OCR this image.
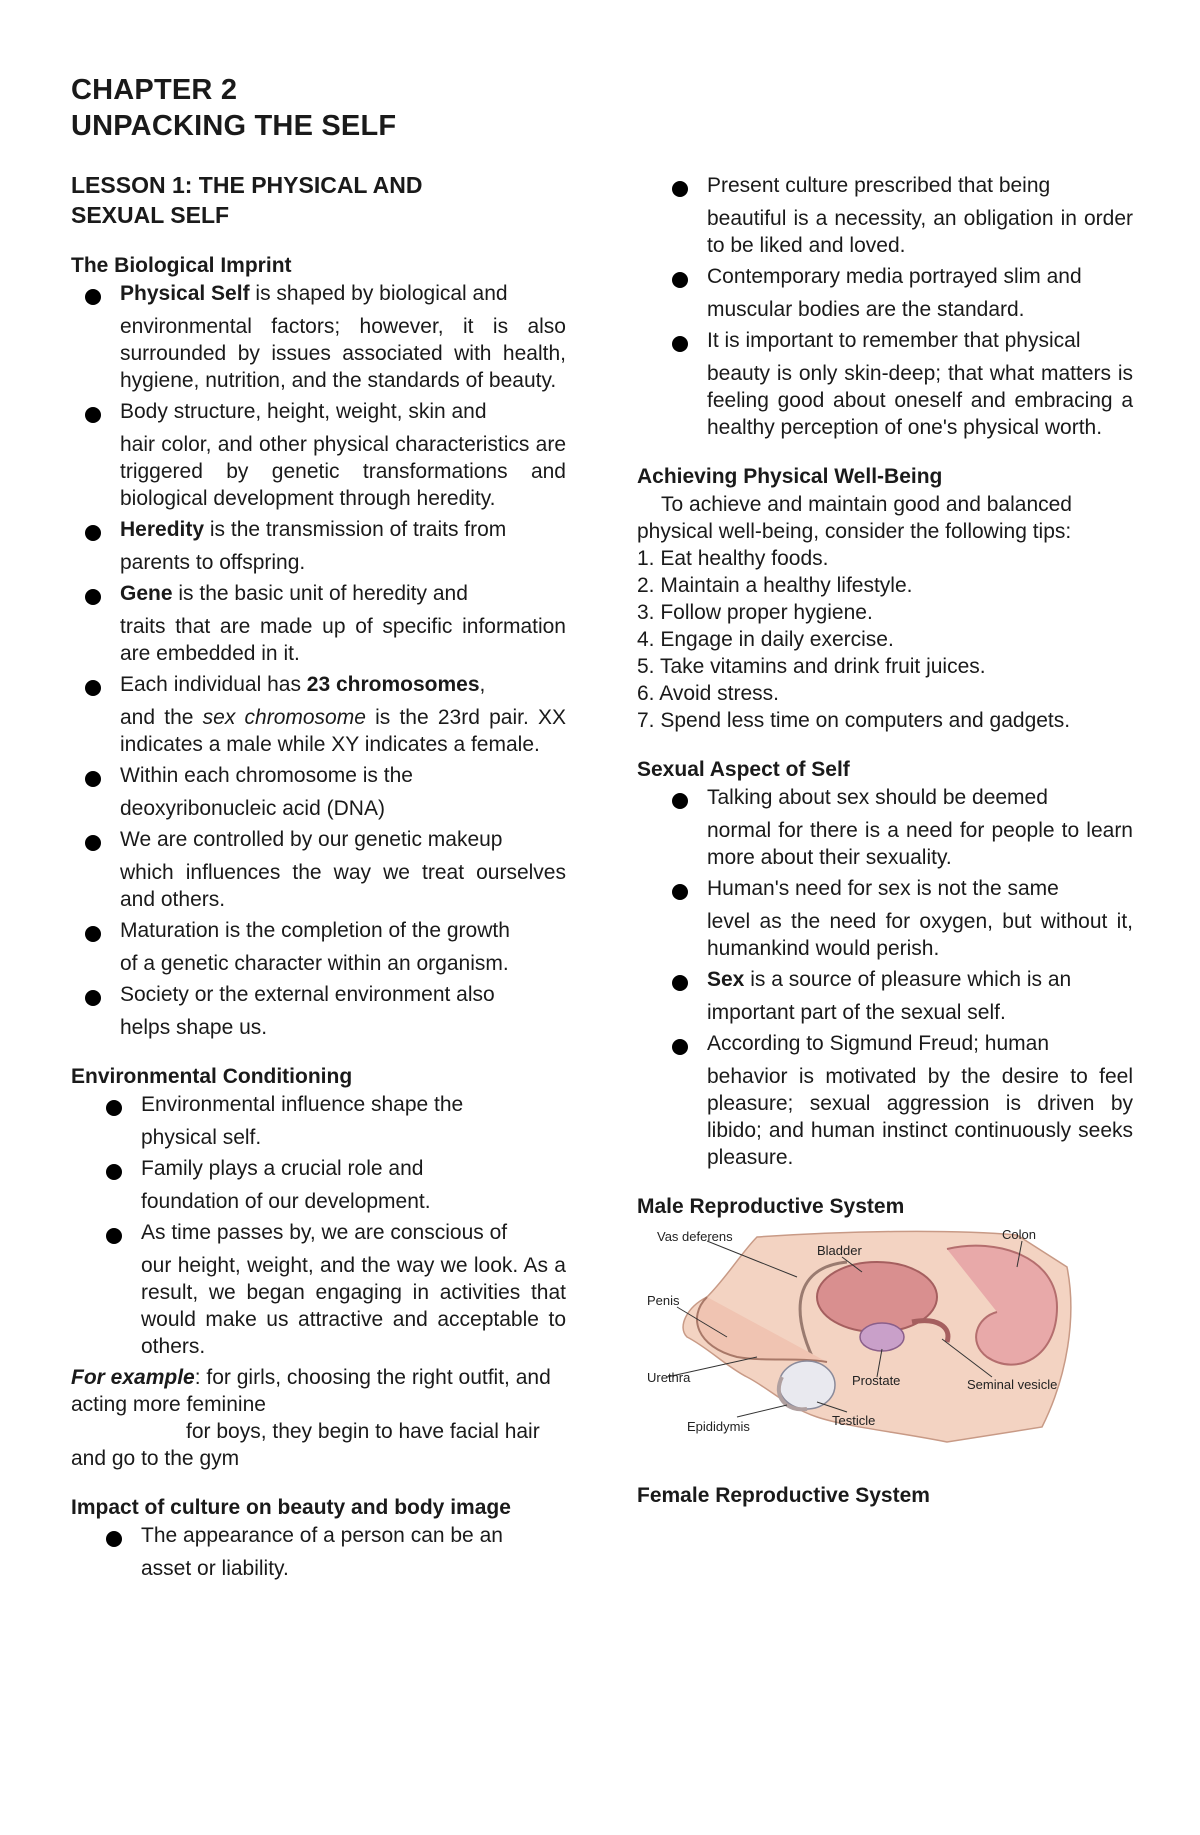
CHAPTER 2
UNPACKING THE SELF
LESSON 1: THE PHYSICAL AND
SEXUAL SELF
The Biological Imprint
Physical Self is shaped by biological and
environmental factors; however, it is also surrounded by issues associated with health, hygiene, nutrition, and the standards of beauty.
Body structure, height, weight, skin and
hair color, and other physical characteristics are triggered by genetic transformations and biological development through heredity.
Heredity is the transmission of traits from
parents to offspring.
Gene is the basic unit of heredity and
traits that are made up of specific information are embedded in it.
Each individual has 23 chromosomes,
and the sex chromosome is the 23rd pair. XX indicates a male while XY indicates a female.
Within each chromosome is the
deoxyribonucleic acid (DNA)
We are controlled by our genetic makeup
which influences the way we treat ourselves and others.
Maturation is the completion of the growth
of a genetic character within an organism.
Society or the external environment also
helps shape us.
Environmental Conditioning
Environmental influence shape the
physical self.
Family plays a crucial role and
foundation of our development.
As time passes by, we are conscious of
our height, weight, and the way we look. As a result, we began engaging in activities that would make us attractive and acceptable to others.

For example: for girls, choosing the right outfit, and acting more feminine

for boys, they begin to have facial hair and go to the gym

Impact of culture on beauty and body image
The appearance of a person can be an
asset or liability.
Present culture prescribed that being
beautiful is a necessity, an obligation in order to be liked and loved.
Contemporary media portrayed slim and
muscular bodies are the standard.
It is important to remember that physical
beauty is only skin-deep; that what matters is feeling good about oneself and embracing a healthy perception of one's physical worth.
Achieving Physical Well-Being

To achieve and maintain good and balanced physical well-being, consider the following tips:

1. Eat healthy foods.
2. Maintain a healthy lifestyle.
3. Follow proper hygiene.
4. Engage in daily exercise.
5. Take vitamins and drink fruit juices.
6. Avoid stress.
7. Spend less time on computers and gadgets.
Sexual Aspect of Self
Talking about sex should be deemed
normal for there is a need for people to learn more about their sexuality.
Human's need for sex is not the same
level as the need for oxygen, but without it, humankind would perish.
Sex is a source of pleasure which is an
important part of the sexual self.
According to Sigmund Freud; human
behavior is motivated by the desire to feel pleasure; sexual aggression is driven by libido; and human instinct continuously seeks pleasure.
Male Reproductive System
Vas deferens
Bladder
Colon
Penis
Urethra	Prostate	Seminal vesicle
Epididymis	Testicle
Female Reproductive System
